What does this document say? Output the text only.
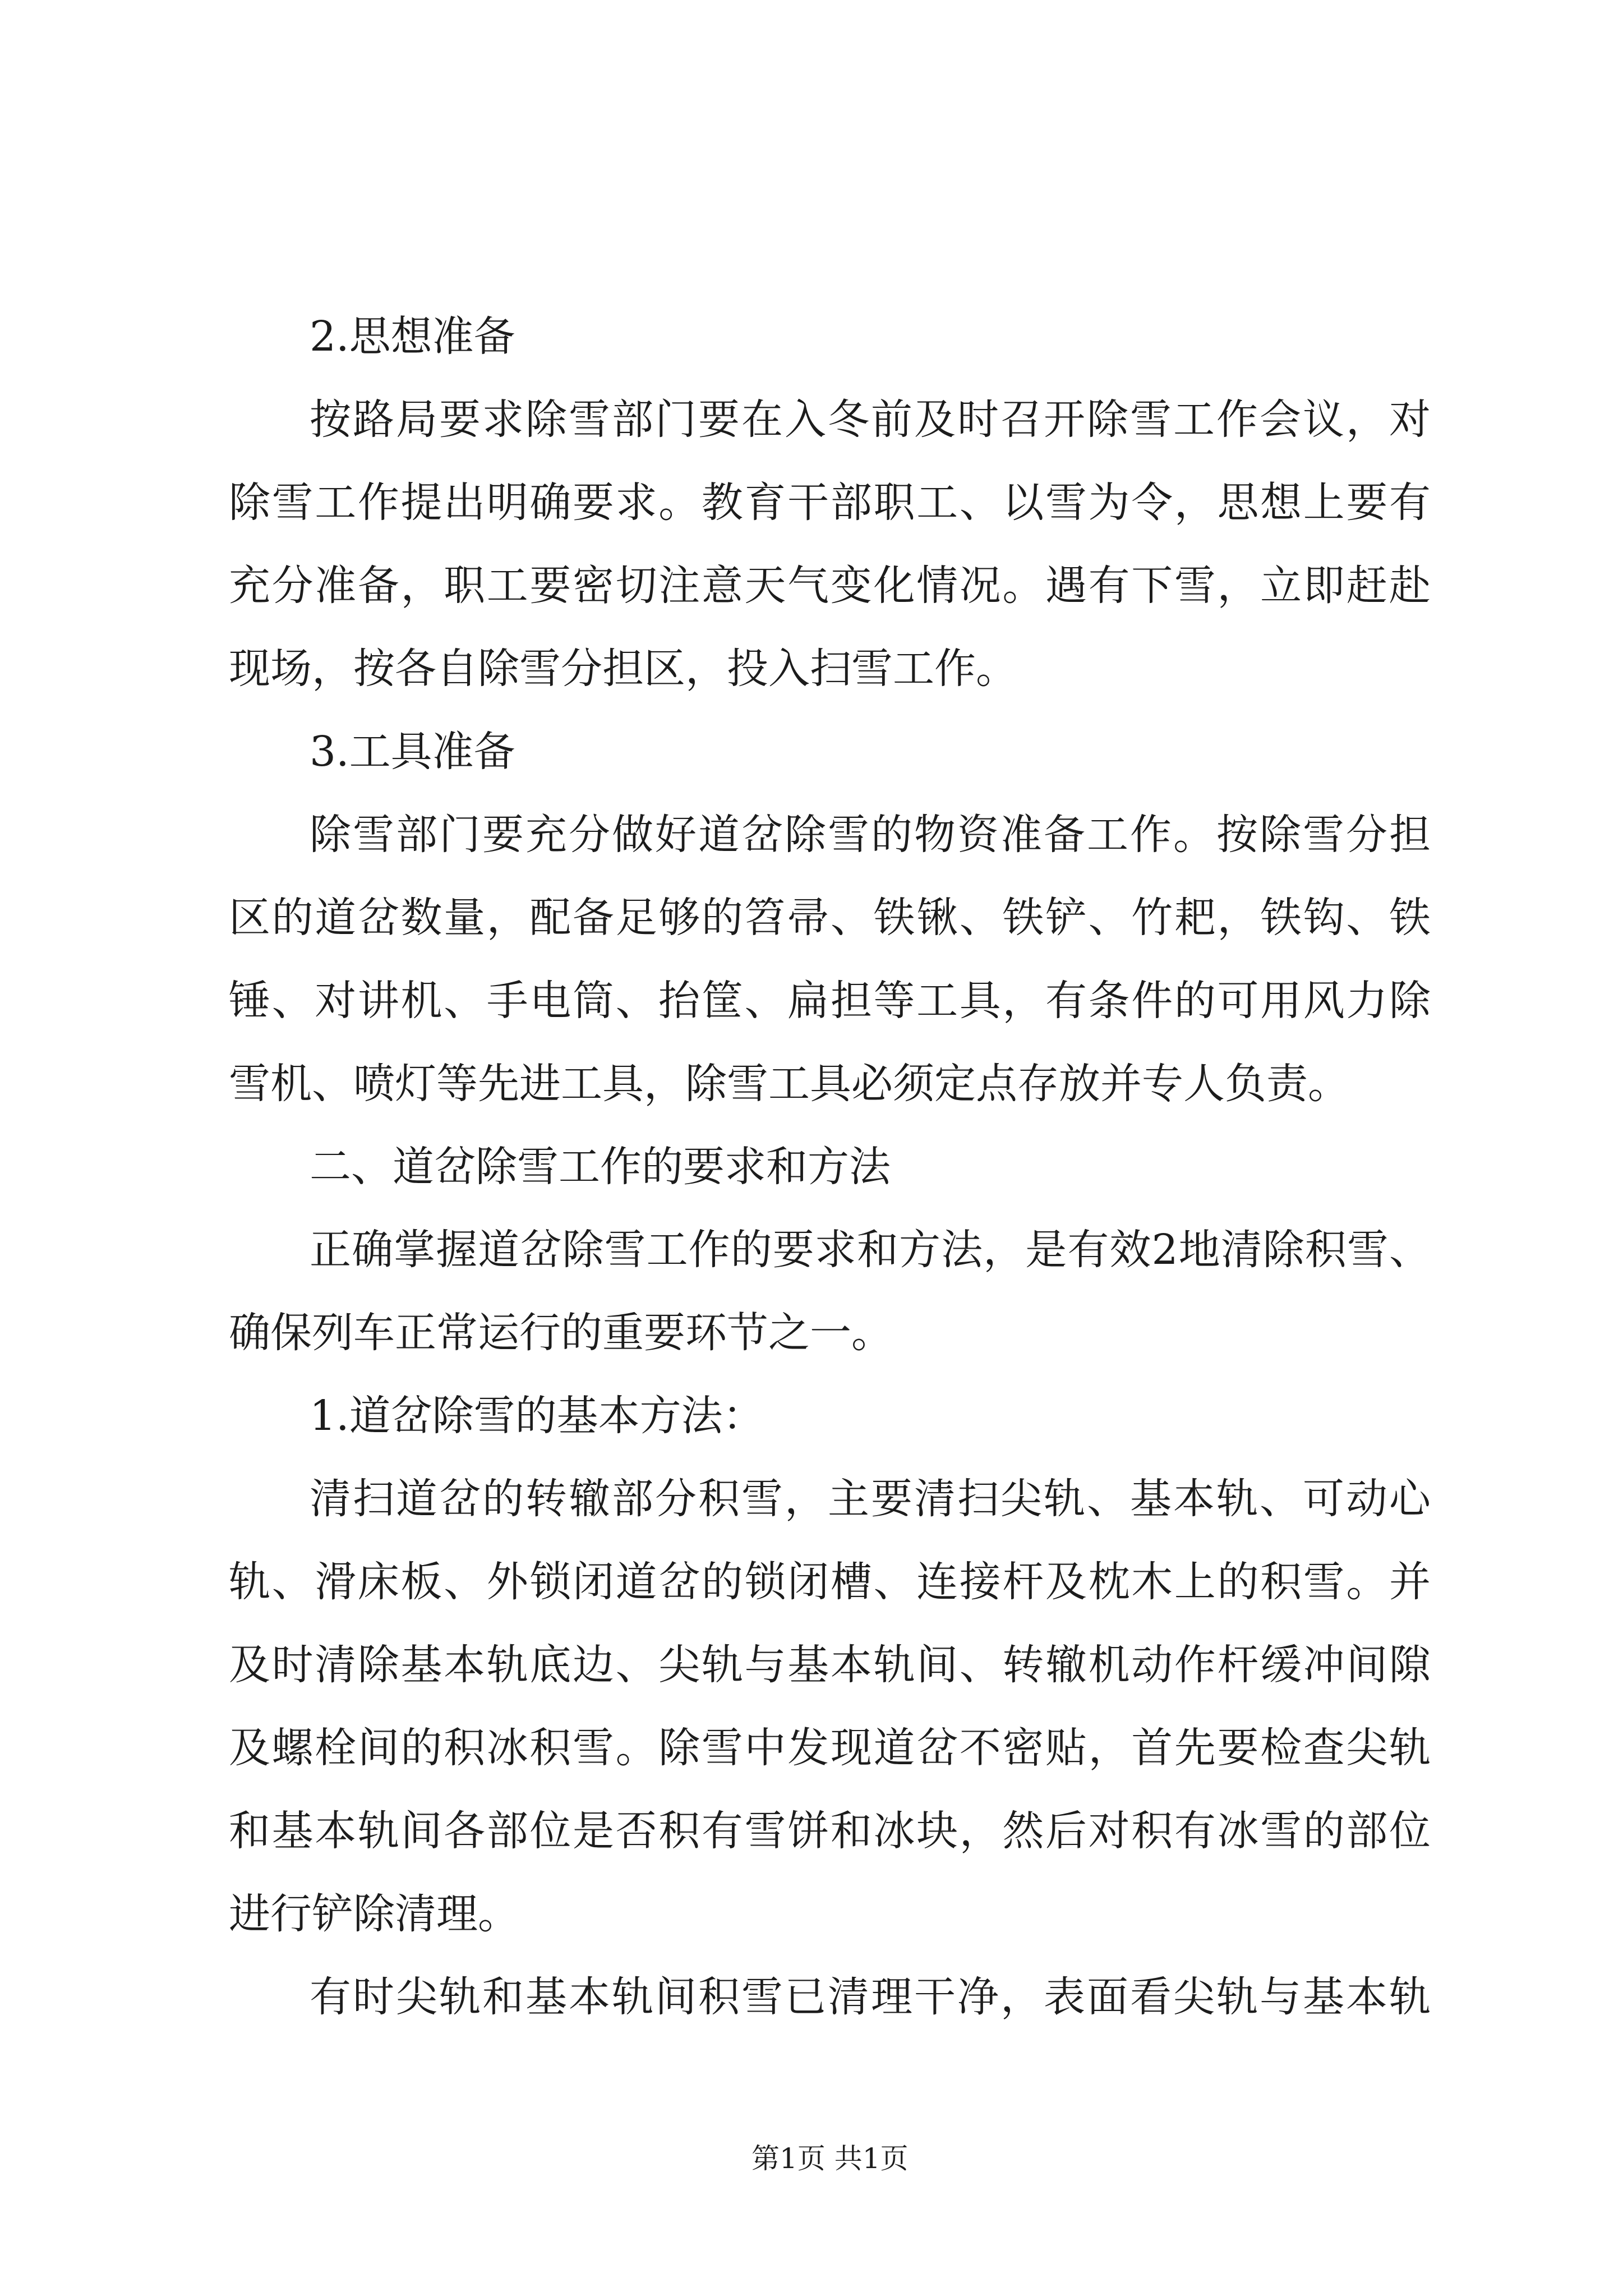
2.思想准备
按路局要求除雪部门要在入冬前及时召开除雪工作会议，对
除雪工作提出明确要求。教育干部职工、以雪为令，思想上要有
充分准备，职工要密切注意天气变化情况。遇有下雪，立即赶赴
现场，按各自除雪分担区，投入扫雪工作。
3.工具准备
除雪部门要充分做好道岔除雪的物资准备工作。按除雪分担
区的道岔数量，配备足够的笤帚、铁锹、铁铲、竹耙，铁钩、铁
锤、对讲机、手电筒、抬筐、扁担等工具，有条件的可用风力除
雪机、喷灯等先进工具，除雪工具必须定点存放并专人负责。
二、道岔除雪工作的要求和方法
正确掌握道岔除雪工作的要求和方法，是有效2地清除积雪、
确保列车正常运行的重要环节之一。
1.道岔除雪的基本方法：
清扫道岔的转辙部分积雪，主要清扫尖轨、基本轨、可动心
轨、滑床板、外锁闭道岔的锁闭槽、连接杆及枕木上的积雪。并
及时清除基本轨底边、尖轨与基本轨间、转辙机动作杆缓冲间隙
及螺栓间的积冰积雪。除雪中发现道岔不密贴，首先要检查尖轨
和基本轨间各部位是否积有雪饼和冰块，然后对积有冰雪的部位
进行铲除清理。
有时尖轨和基本轨间积雪已清理干净，表面看尖轨与基本轨
第1页 共1页
